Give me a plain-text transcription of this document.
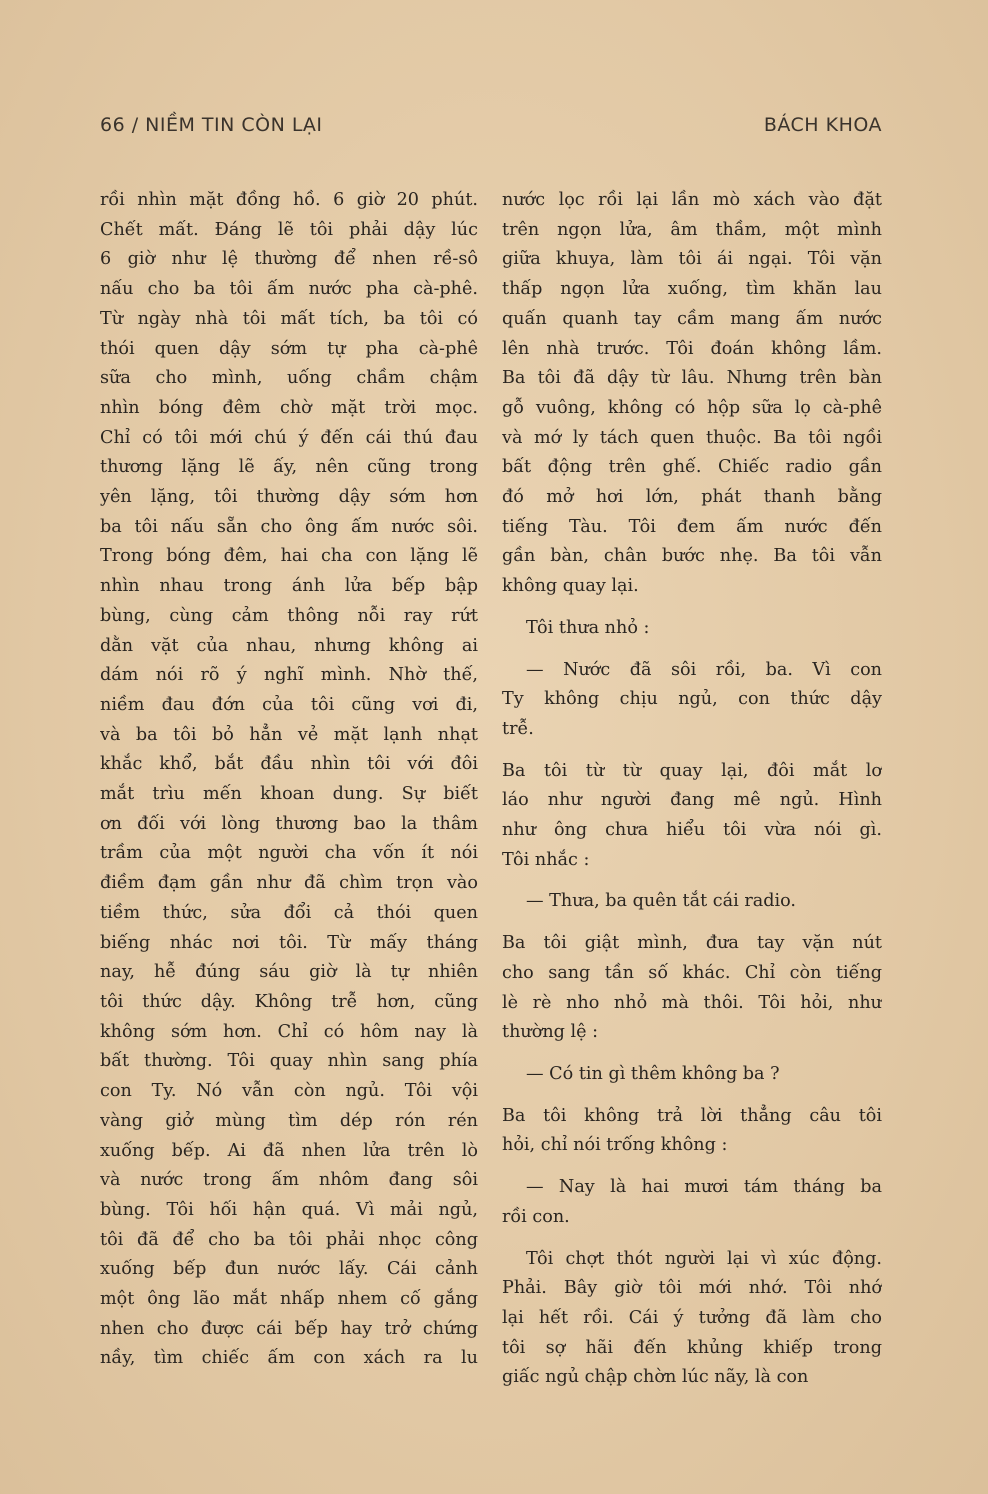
66 / NIỀM TIN CÒN LẠI	BÁCH KHOA

rồi nhìn mặt đồng hồ. 6 giờ 20 phút.
Chết mất. Đáng lẽ tôi phải dậy lúc
6 giờ như lệ thường để nhen rề-sô
nấu cho ba tôi ấm nước pha cà-phê.
Từ ngày nhà tôi mất tích, ba tôi có
thói quen dậy sớm tự pha cà-phê
sữa cho mình, uống chầm chậm
nhìn bóng đêm chờ mặt trời mọc.
Chỉ có tôi mới chú ý đến cái thú đau
thương lặng lẽ ấy, nên cũng trong
yên lặng, tôi thường dậy sớm hơn
ba tôi nấu sẵn cho ông ấm nước sôi.
Trong bóng đêm, hai cha con lặng lẽ
nhìn nhau trong ánh lửa bếp bập
bùng, cùng cảm thông nỗi ray rứt
dằn vặt của nhau, nhưng không ai
dám nói rõ ý nghĩ mình. Nhờ thế,
niềm đau đớn của tôi cũng vơi đi,
và ba tôi bỏ hẳn vẻ mặt lạnh nhạt
khắc khổ, bắt đầu nhìn tôi với đôi
mắt trìu mến khoan dung. Sự biết
ơn đối với lòng thương bao la thâm
trầm của một người cha vốn ít nói
điềm đạm gần như đã chìm trọn vào
tiềm thức, sửa đổi cả thói quen
biếng nhác nơi tôi. Từ mấy tháng
nay, hễ đúng sáu giờ là tự nhiên
tôi thức dậy. Không trễ hơn, cũng
không sớm hơn. Chỉ có hôm nay là
bất thường. Tôi quay nhìn sang phía
con Ty. Nó vẫn còn ngủ. Tôi vội
vàng giở mùng tìm dép rón rén
xuống bếp. Ai đã nhen lửa trên lò
và nước trong ấm nhôm đang sôi
bùng. Tôi hối hận quá. Vì mải ngủ,
tôi đã để cho ba tôi phải nhọc công
xuống bếp đun nước lấy. Cái cảnh
một ông lão mắt nhấp nhem cố gắng
nhen cho được cái bếp hay trở chứng
nầy, tìm chiếc ấm con xách ra lu

nước lọc rồi lại lần mò xách vào đặt
trên ngọn lửa, âm thầm, một mình
giữa khuya, làm tôi ái ngại. Tôi vặn
thấp ngọn lửa xuống, tìm khăn lau
quấn quanh tay cầm mang ấm nước
lên nhà trước. Tôi đoán không lầm.
Ba tôi đã dậy từ lâu. Nhưng trên bàn
gỗ vuông, không có hộp sữa lọ cà-phê
và mớ ly tách quen thuộc. Ba tôi ngồi
bất động trên ghế. Chiếc radio gần
đó mở hơi lớn, phát thanh bằng
tiếng Tàu. Tôi đem ấm nước đến
gần bàn, chân bước nhẹ. Ba tôi vẫn
không quay lại.

Tôi thưa nhỏ :

— Nước đã sôi rồi, ba. Vì con
Ty không chịu ngủ, con thức dậy
trễ.

Ba tôi từ từ quay lại, đôi mắt lơ
láo như người đang mê ngủ. Hình
như ông chưa hiểu tôi vừa nói gì.
Tôi nhắc :

— Thưa, ba quên tắt cái radio.

Ba tôi giật mình, đưa tay vặn nút
cho sang tần số khác. Chỉ còn tiếng
lè rè nho nhỏ mà thôi. Tôi hỏi, như
thường lệ :

— Có tin gì thêm không ba ?

Ba tôi không trả lời thẳng câu tôi
hỏi, chỉ nói trống không :

— Nay là hai mươi tám tháng ba
rồi con.

Tôi chợt thót người lại vì xúc động.
Phải. Bây giờ tôi mới nhớ. Tôi nhớ
lại hết rồi. Cái ý tưởng đã làm cho
tôi sợ hãi đến khủng khiếp trong
giấc ngủ chập chờn lúc nãy, là con
